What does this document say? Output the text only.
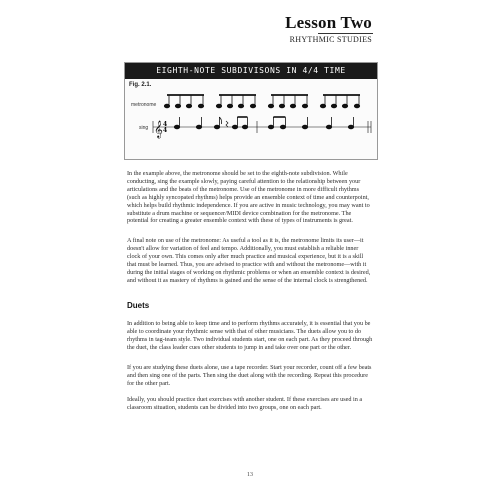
Lesson Two
RHYTHMIC STUDIES
EIGHTH-NOTE SUBDIVISONS IN 4/4 TIME
Fig. 2.1.
metronome
sing 𝄞 4
4
In the example above, the metronome should be set to the eighth-note subdivision. While conducting, sing the example slowly, paying careful attention to the relationship between your articulations and the beats of the metronome. Use of the metronome in more difficult rhythms (such as highly syncopated rhythms) helps provide an ensemble context of time and counterpoint, which helps build rhythmic independence. If you are active in music technology, you may want to substitute a drum machine or sequencer/MIDI device combination for the metronome. The potential for creating a greater ensemble context with these of types of instruments is great.
A final note on use of the metronome: As useful a tool as it is, the metronome limits its user—it doesn't allow for variation of feel and tempo. Additionally, you must establish a reliable inner clock of your own. This comes only after much practice and musical experience, but it is a skill that must be learned. Thus, you are advised to practice with and without the metronome—with it during the initial stages of working on rhythmic problems or when an ensemble context is desired, and without it as mastery of rhythms is gained and the sense of the internal clock is strengthened.
Duets
In addition to being able to keep time and to perform rhythms accurately, it is essential that you be able to coordinate your rhythmic sense with that of other musicians. The duets allow you to do rhythms in tag-team style. Two individual students start, one on each part. As they proceed through the duet, the class leader cues other students to jump in and take over one part or the other.
If you are studying these duets alone, use a tape recorder. Start your recorder, count off a few beats and then sing one of the parts. Then sing the duet along with the recording. Repeat this procedure for the other part.
Ideally, you should practice duet exercises with another student. If these exercises are used in a classroom situation, students can be divided into two groups, one on each part.
13
